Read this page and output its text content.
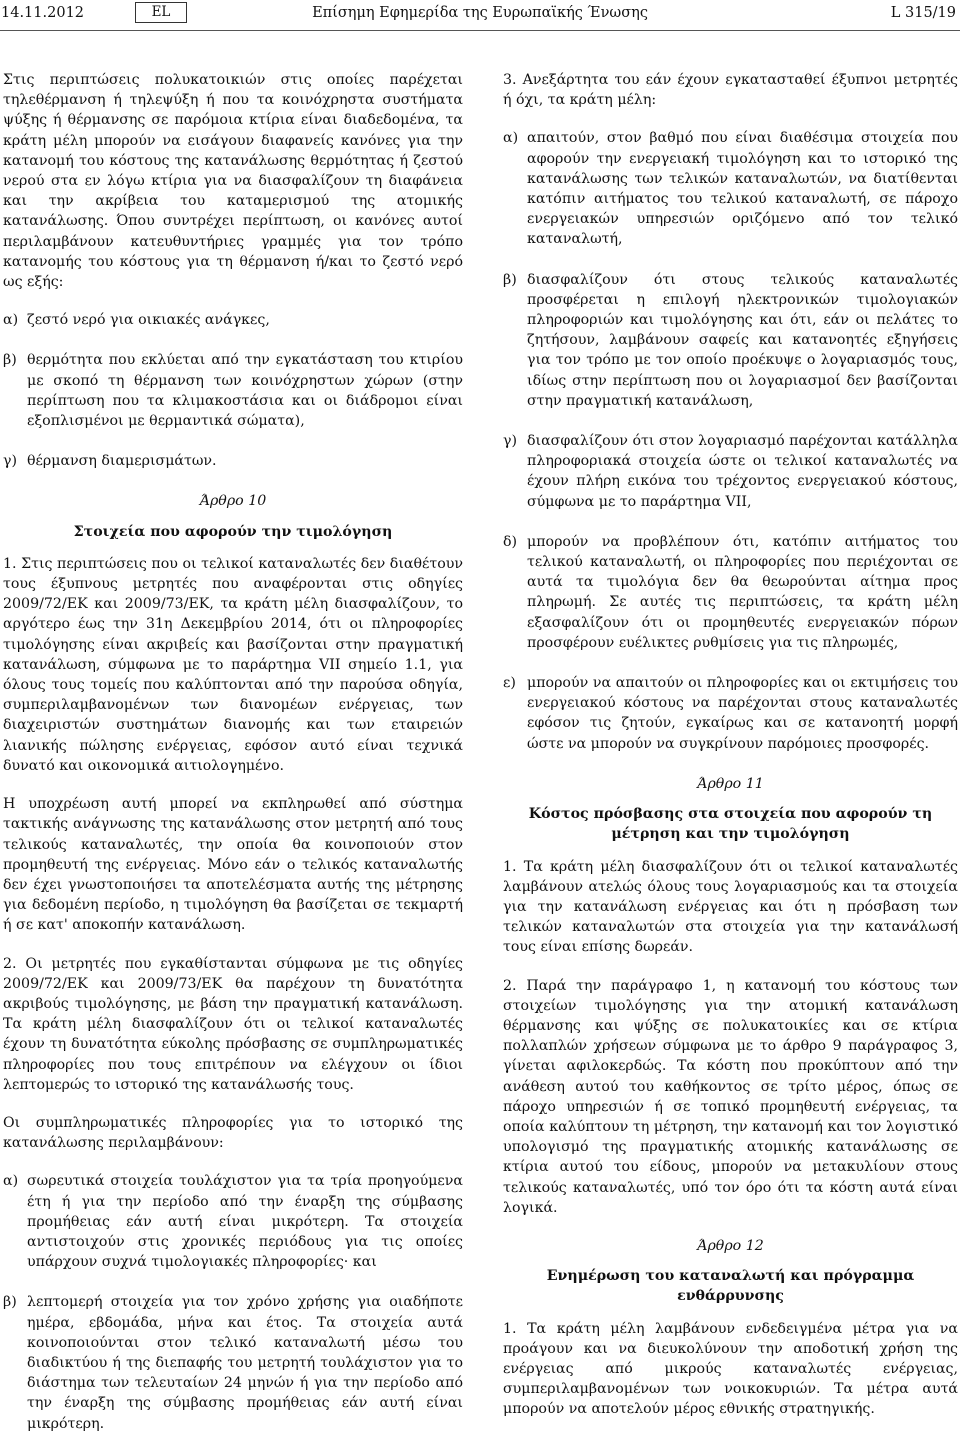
14.11.2012	EL	Επίσημη Εφημερίδα της Ευρωπαϊκής Ένωσης	L 315/19

Στις περιπτώσεις πολυκατοικιών στις οποίες παρέχεται τηλεθέρμανση ή τηλεψύξη ή που τα κοινόχρηστα συστήματα ψύξης ή θέρμανσης σε παρόμοια κτίρια είναι διαδεδομένα, τα κράτη μέλη μπορούν να εισάγουν διαφανείς κανόνες για την κατανομή του κόστους της κατανάλωσης θερμότητας ή ζεστού νερού στα εν λόγω κτίρια για να διασφαλίζουν τη διαφάνεια και την ακρίβεια του καταμερισμού της ατομικής κατανάλωσης. Όπου συντρέχει περίπτωση, οι κανόνες αυτοί περιλαμβάνουν κατευθυντήριες γραμμές για τον τρόπο κατανομής του κόστους για τη θέρμανση ή/και το ζεστό νερό ως εξής:

α) ζεστό νερό για οικιακές ανάγκες,
β) θερμότητα που εκλύεται από την εγκατάσταση του κτιρίου με σκοπό τη θέρμανση των κοινόχρηστων χώρων (στην περίπτωση που τα κλιμακοστάσια και οι διάδρομοι είναι εξοπλισμένοι με θερμαντικά σώματα),
γ) θέρμανση διαμερισμάτων.
Άρθρο 10
Στοιχεία που αφορούν την τιμολόγηση

1. Στις περιπτώσεις που οι τελικοί καταναλωτές δεν διαθέτουν τους έξυπνους μετρητές που αναφέρονται στις οδηγίες 2009/72/ΕΚ και 2009/73/ΕΚ, τα κράτη μέλη διασφαλίζουν, το αργότερο έως την 31η Δεκεμβρίου 2014, ότι οι πληροφορίες τιμολόγησης είναι ακριβείς και βασίζονται στην πραγματική κατανάλωση, σύμφωνα με το παράρτημα VII σημείο 1.1, για όλους τους τομείς που καλύπτονται από την παρούσα οδηγία, συμπεριλαμβανομένων των διανομέων ενέργειας, των διαχειριστών συστημάτων διανομής και των εταιρειών λιανικής πώλησης ενέργειας, εφόσον αυτό είναι τεχνικά δυνατό και οικονομικά αιτιολογημένο.

Η υποχρέωση αυτή μπορεί να εκπληρωθεί από σύστημα τακτικής ανάγνωσης της κατανάλωσης στον μετρητή από τους τελικούς καταναλωτές, την οποία θα κοινοποιούν στον προμηθευτή της ενέργειας. Μόνο εάν ο τελικός καταναλωτής δεν έχει γνωστοποιήσει τα αποτελέσματα αυτής της μέτρησης για δεδομένη περίοδο, η τιμολόγηση θα βασίζεται σε τεκμαρτή ή σε κατ' αποκοπήν κατανάλωση.

2. Οι μετρητές που εγκαθίστανται σύμφωνα με τις οδηγίες 2009/72/ΕΚ και 2009/73/ΕΚ θα παρέχουν τη δυνατότητα ακριβούς τιμολόγησης, με βάση την πραγματική κατανάλωση. Τα κράτη μέλη διασφαλίζουν ότι οι τελικοί καταναλωτές έχουν τη δυνατότητα εύκολης πρόσβασης σε συμπληρωματικές πληροφορίες που τους επιτρέπουν να ελέγχουν οι ίδιοι λεπτομερώς το ιστορικό της κατανάλωσής τους.

Οι συμπληρωματικές πληροφορίες για το ιστορικό της κατανάλωσης περιλαμβάνουν:

α) σωρευτικά στοιχεία τουλάχιστον για τα τρία προηγούμενα έτη ή για την περίοδο από την έναρξη της σύμβασης προμήθειας εάν αυτή είναι μικρότερη. Τα στοιχεία αντιστοιχούν στις χρονικές περιόδους για τις οποίες υπάρχουν συχνά τιμολογιακές πληροφορίες· και
β) λεπτομερή στοιχεία για τον χρόνο χρήσης για οιαδήποτε ημέρα, εβδομάδα, μήνα και έτος. Τα στοιχεία αυτά κοινοποιούνται στον τελικό καταναλωτή μέσω του διαδικτύου ή της διεπαφής του μετρητή τουλάχιστον για το διάστημα των τελευταίων 24 μηνών ή για την περίοδο από την έναρξη της σύμβασης προμήθειας εάν αυτή είναι μικρότερη.

3. Ανεξάρτητα του εάν έχουν εγκατασταθεί έξυπνοι μετρητές ή όχι, τα κράτη μέλη:

α) απαιτούν, στον βαθμό που είναι διαθέσιμα στοιχεία που αφορούν την ενεργειακή τιμολόγηση και το ιστορικό της κατανάλωσης των τελικών καταναλωτών, να διατίθενται κατόπιν αιτήματος του τελικού καταναλωτή, σε πάροχο ενεργειακών υπηρεσιών οριζόμενο από τον τελικό καταναλωτή,
β) διασφαλίζουν ότι στους τελικούς καταναλωτές προσφέρεται η επιλογή ηλεκτρονικών τιμολογιακών πληροφοριών και τιμολόγησης και ότι, εάν οι πελάτες το ζητήσουν, λαμβάνουν σαφείς και κατανοητές εξηγήσεις για τον τρόπο με τον οποίο προέκυψε ο λογαριασμός τους, ιδίως στην περίπτωση που οι λογαριασμοί δεν βασίζονται στην πραγματική κατανάλωση,
γ) διασφαλίζουν ότι στον λογαριασμό παρέχονται κατάλληλα πληροφοριακά στοιχεία ώστε οι τελικοί καταναλωτές να έχουν πλήρη εικόνα του τρέχοντος ενεργειακού κόστους, σύμφωνα με το παράρτημα VII,
δ) μπορούν να προβλέπουν ότι, κατόπιν αιτήματος του τελικού καταναλωτή, οι πληροφορίες που περιέχονται σε αυτά τα τιμολόγια δεν θα θεωρούνται αίτημα προς πληρωμή. Σε αυτές τις περιπτώσεις, τα κράτη μέλη εξασφαλίζουν ότι οι προμηθευτές ενεργειακών πόρων προσφέρουν ευέλικτες ρυθμίσεις για τις πληρωμές,
ε) μπορούν να απαιτούν οι πληροφορίες και οι εκτιμήσεις του ενεργειακού κόστους να παρέχονται στους καταναλωτές εφόσον τις ζητούν, εγκαίρως και σε κατανοητή μορφή ώστε να μπορούν να συγκρίνουν παρόμοιες προσφορές.
Άρθρο 11
Κόστος πρόσβασης στα στοιχεία που αφορούν τη μέτρηση και την τιμολόγηση

1. Τα κράτη μέλη διασφαλίζουν ότι οι τελικοί καταναλωτές λαμβάνουν ατελώς όλους τους λογαριασμούς και τα στοιχεία για την κατανάλωση ενέργειας και ότι η πρόσβαση των τελικών καταναλωτών στα στοιχεία για την κατανάλωσή τους είναι επίσης δωρεάν.

2. Παρά την παράγραφο 1, η κατανομή του κόστους των στοιχείων τιμολόγησης για την ατομική κατανάλωση θέρμανσης και ψύξης σε πολυκατοικίες και σε κτίρια πολλαπλών χρήσεων σύμφωνα με το άρθρο 9 παράγραφος 3, γίνεται αφιλοκερδώς. Τα κόστη που προκύπτουν από την ανάθεση αυτού του καθήκοντος σε τρίτο μέρος, όπως σε πάροχο υπηρεσιών ή σε τοπικό προμηθευτή ενέργειας, τα οποία καλύπτουν τη μέτρηση, την κατανομή και τον λογιστικό υπολογισμό της πραγματικής ατομικής κατανάλωσης σε κτίρια αυτού του είδους, μπορούν να μετακυλίουν στους τελικούς καταναλωτές, υπό τον όρο ότι τα κόστη αυτά είναι λογικά.

Άρθρο 12
Ενημέρωση του καταναλωτή και πρόγραμμα ενθάρρυνσης

1. Τα κράτη μέλη λαμβάνουν ενδεδειγμένα μέτρα για να προάγουν και να διευκολύνουν την αποδοτική χρήση της ενέργειας από μικρούς καταναλωτές ενέργειας, συμπεριλαμβανομένων των νοικοκυριών. Τα μέτρα αυτά μπορούν να αποτελούν μέρος εθνικής στρατηγικής.
